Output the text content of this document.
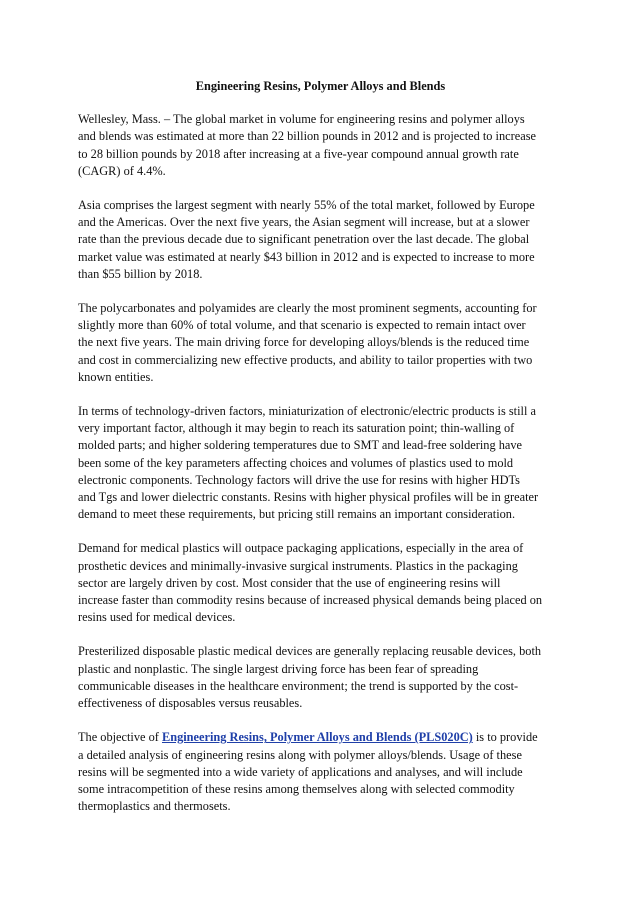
Engineering Resins, Polymer Alloys and Blends

Wellesley, Mass. – The global market in volume for engineering resins and polymer alloys
and blends was estimated at more than 22 billion pounds in 2012 and is projected to increase
to 28 billion pounds by 2018 after increasing at a five-year compound annual growth rate
(CAGR) of 4.4%.

Asia comprises the largest segment with nearly 55% of the total market, followed by Europe
and the Americas. Over the next five years, the Asian segment will increase, but at a slower
rate than the previous decade due to significant penetration over the last decade. The global
market value was estimated at nearly $43 billion in 2012 and is expected to increase to more
than $55 billion by 2018.

The polycarbonates and polyamides are clearly the most prominent segments, accounting for
slightly more than 60% of total volume, and that scenario is expected to remain intact over
the next five years. The main driving force for developing alloys/blends is the reduced time
and cost in commercializing new effective products, and ability to tailor properties with two
known entities.

In terms of technology-driven factors, miniaturization of electronic/electric products is still a
very important factor, although it may begin to reach its saturation point; thin-walling of
molded parts; and higher soldering temperatures due to SMT and lead-free soldering have
been some of the key parameters affecting choices and volumes of plastics used to mold
electronic components. Technology factors will drive the use for resins with higher HDTs
and Tgs and lower dielectric constants. Resins with higher physical profiles will be in greater
demand to meet these requirements, but pricing still remains an important consideration.

Demand for medical plastics will outpace packaging applications, especially in the area of
prosthetic devices and minimally-invasive surgical instruments. Plastics in the packaging
sector are largely driven by cost. Most consider that the use of engineering resins will
increase faster than commodity resins because of increased physical demands being placed on
resins used for medical devices.

Presterilized disposable plastic medical devices are generally replacing reusable devices, both
plastic and nonplastic. The single largest driving force has been fear of spreading
communicable diseases in the healthcare environment; the trend is supported by the cost-
effectiveness of disposables versus reusables.

The objective of Engineering Resins, Polymer Alloys and Blends (PLS020C) is to provide
a detailed analysis of engineering resins along with polymer alloys/blends. Usage of these
resins will be segmented into a wide variety of applications and analyses, and will include
some intracompetition of these resins among themselves along with selected commodity
thermoplastics and thermosets.
